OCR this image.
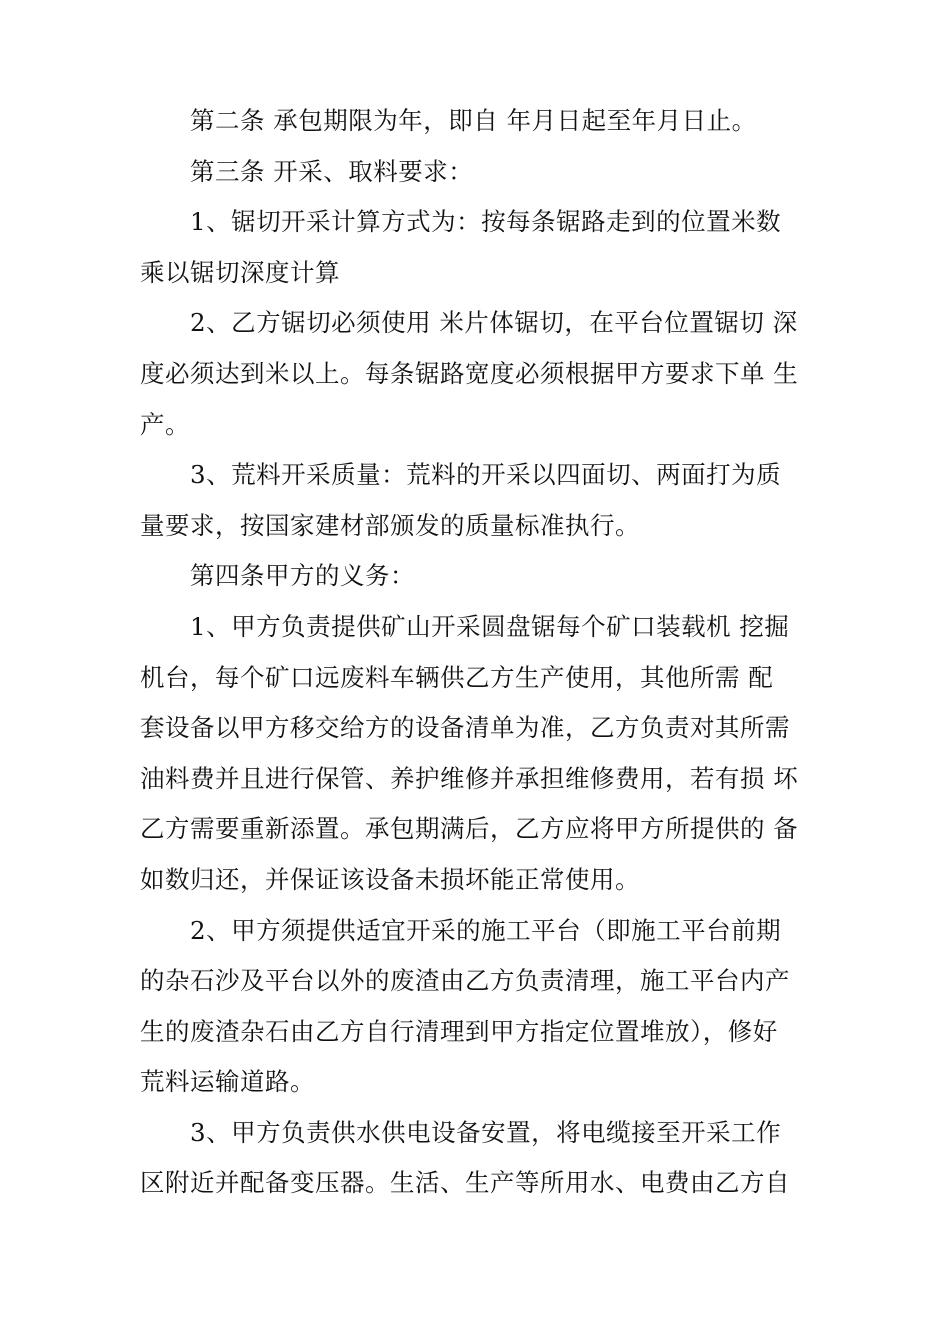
第二条 承包期限为年，即自 年月日起至年月日止。

第三条 开采、取料要求：

1、锯切开采计算方式为：按每条锯路走到的位置米数
乘以锯切深度计算

2、乙方锯切必须使用 米片体锯切，在平台位置锯切 深
度必须达到米以上。每条锯路宽度必须根据甲方要求下单 生
产。

3、荒料开采质量：荒料的开采以四面切、两面打为质
量要求，按国家建材部颁发的质量标准执行。

第四条甲方的义务：

1、甲方负责提供矿山开采圆盘锯每个矿口装载机 挖掘
机台，每个矿口远废料车辆供乙方生产使用，其他所需 配
套设备以甲方移交给方的设备清单为准，乙方负责对其所需
油料费并且进行保管、养护维修并承担维修费用，若有损 坏
乙方需要重新添置。承包期满后，乙方应将甲方所提供的 备
如数归还，并保证该设备未损坏能正常使用。

2、甲方须提供适宜开采的施工平台（即施工平台前期
的杂石沙及平台以外的废渣由乙方负责清理，施工平台内产
生的废渣杂石由乙方自行清理到甲方指定位置堆放），修好
荒料运输道路。

3、甲方负责供水供电设备安置，将电缆接至开采工作
区附近并配备变压器。生活、生产等所用水、电费由乙方自
